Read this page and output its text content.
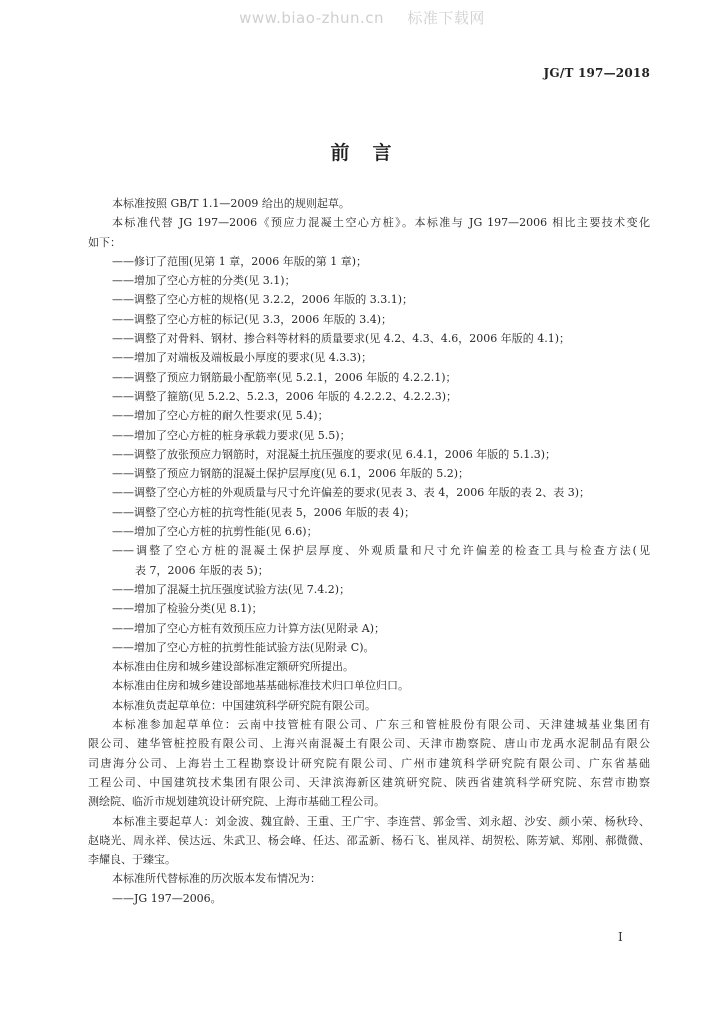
www.biao-zhun.cn 标准下载网
JG/T 197—2018
前　言
本标准按照 GB/T 1.1—2009 给出的规则起草。
本标准代替 JG 197—2006《预应力混凝土空心方桩》。本标准与 JG 197—2006 相比主要技术变化
如下：
——修订了范围(见第 1 章，2006 年版的第 1 章)；
——增加了空心方桩的分类(见 3.1)；
——调整了空心方桩的规格(见 3.2.2，2006 年版的 3.3.1)；
——调整了空心方桩的标记(见 3.3，2006 年版的 3.4)；
——调整了对骨料、钢材、掺合料等材料的质量要求(见 4.2、4.3、4.6，2006 年版的 4.1)；
——增加了对端板及端板最小厚度的要求(见 4.3.3)；
——调整了预应力钢筋最小配筋率(见 5.2.1，2006 年版的 4.2.2.1)；
——调整了箍筋(见 5.2.2、5.2.3，2006 年版的 4.2.2.2、4.2.2.3)；
——增加了空心方桩的耐久性要求(见 5.4)；
——增加了空心方桩的桩身承载力要求(见 5.5)；
——调整了放张预应力钢筋时，对混凝土抗压强度的要求(见 6.4.1，2006 年版的 5.1.3)；
——调整了预应力钢筋的混凝土保护层厚度(见 6.1，2006 年版的 5.2)；
——调整了空心方桩的外观质量与尺寸允许偏差的要求(见表 3、表 4，2006 年版的表 2、表 3)；
——调整了空心方桩的抗弯性能(见表 5，2006 年版的表 4)；
——增加了空心方桩的抗剪性能(见 6.6)；
——调整了空心方桩的混凝土保护层厚度、外观质量和尺寸允许偏差的检查工具与检查方法(见
表 7，2006 年版的表 5)；
——增加了混凝土抗压强度试验方法(见 7.4.2)；
——增加了检验分类(见 8.1)；
——增加了空心方桩有效预压应力计算方法(见附录 A)；
——增加了空心方桩的抗剪性能试验方法(见附录 C)。
本标准由住房和城乡建设部标准定额研究所提出。
本标准由住房和城乡建设部地基基础标准技术归口单位归口。
本标准负责起草单位：中国建筑科学研究院有限公司。
本标准参加起草单位：云南中技管桩有限公司、广东三和管桩股份有限公司、天津建城基业集团有
限公司、建华管桩控股有限公司、上海兴南混凝土有限公司、天津市勘察院、唐山市龙禹水泥制品有限公
司唐海分公司、上海岩土工程勘察设计研究院有限公司、广州市建筑科学研究院有限公司、广东省基础
工程公司、中国建筑技术集团有限公司、天津滨海新区建筑研究院、陕西省建筑科学研究院、东营市勘察
测绘院、临沂市规划建筑设计研究院、上海市基础工程公司。
本标准主要起草人：刘金波、魏宜龄、王重、王广宇、李连营、郭金雪、刘永超、沙安、颜小荣、杨秋玲、
赵晓光、周永祥、侯达远、朱武卫、杨会峰、任达、邵孟新、杨石飞、崔凤祥、胡贺松、陈芳斌、郑刚、郝微微、
李耀良、于臻宝。
本标准所代替标准的历次版本发布情况为：
——JG 197—2006。
I
